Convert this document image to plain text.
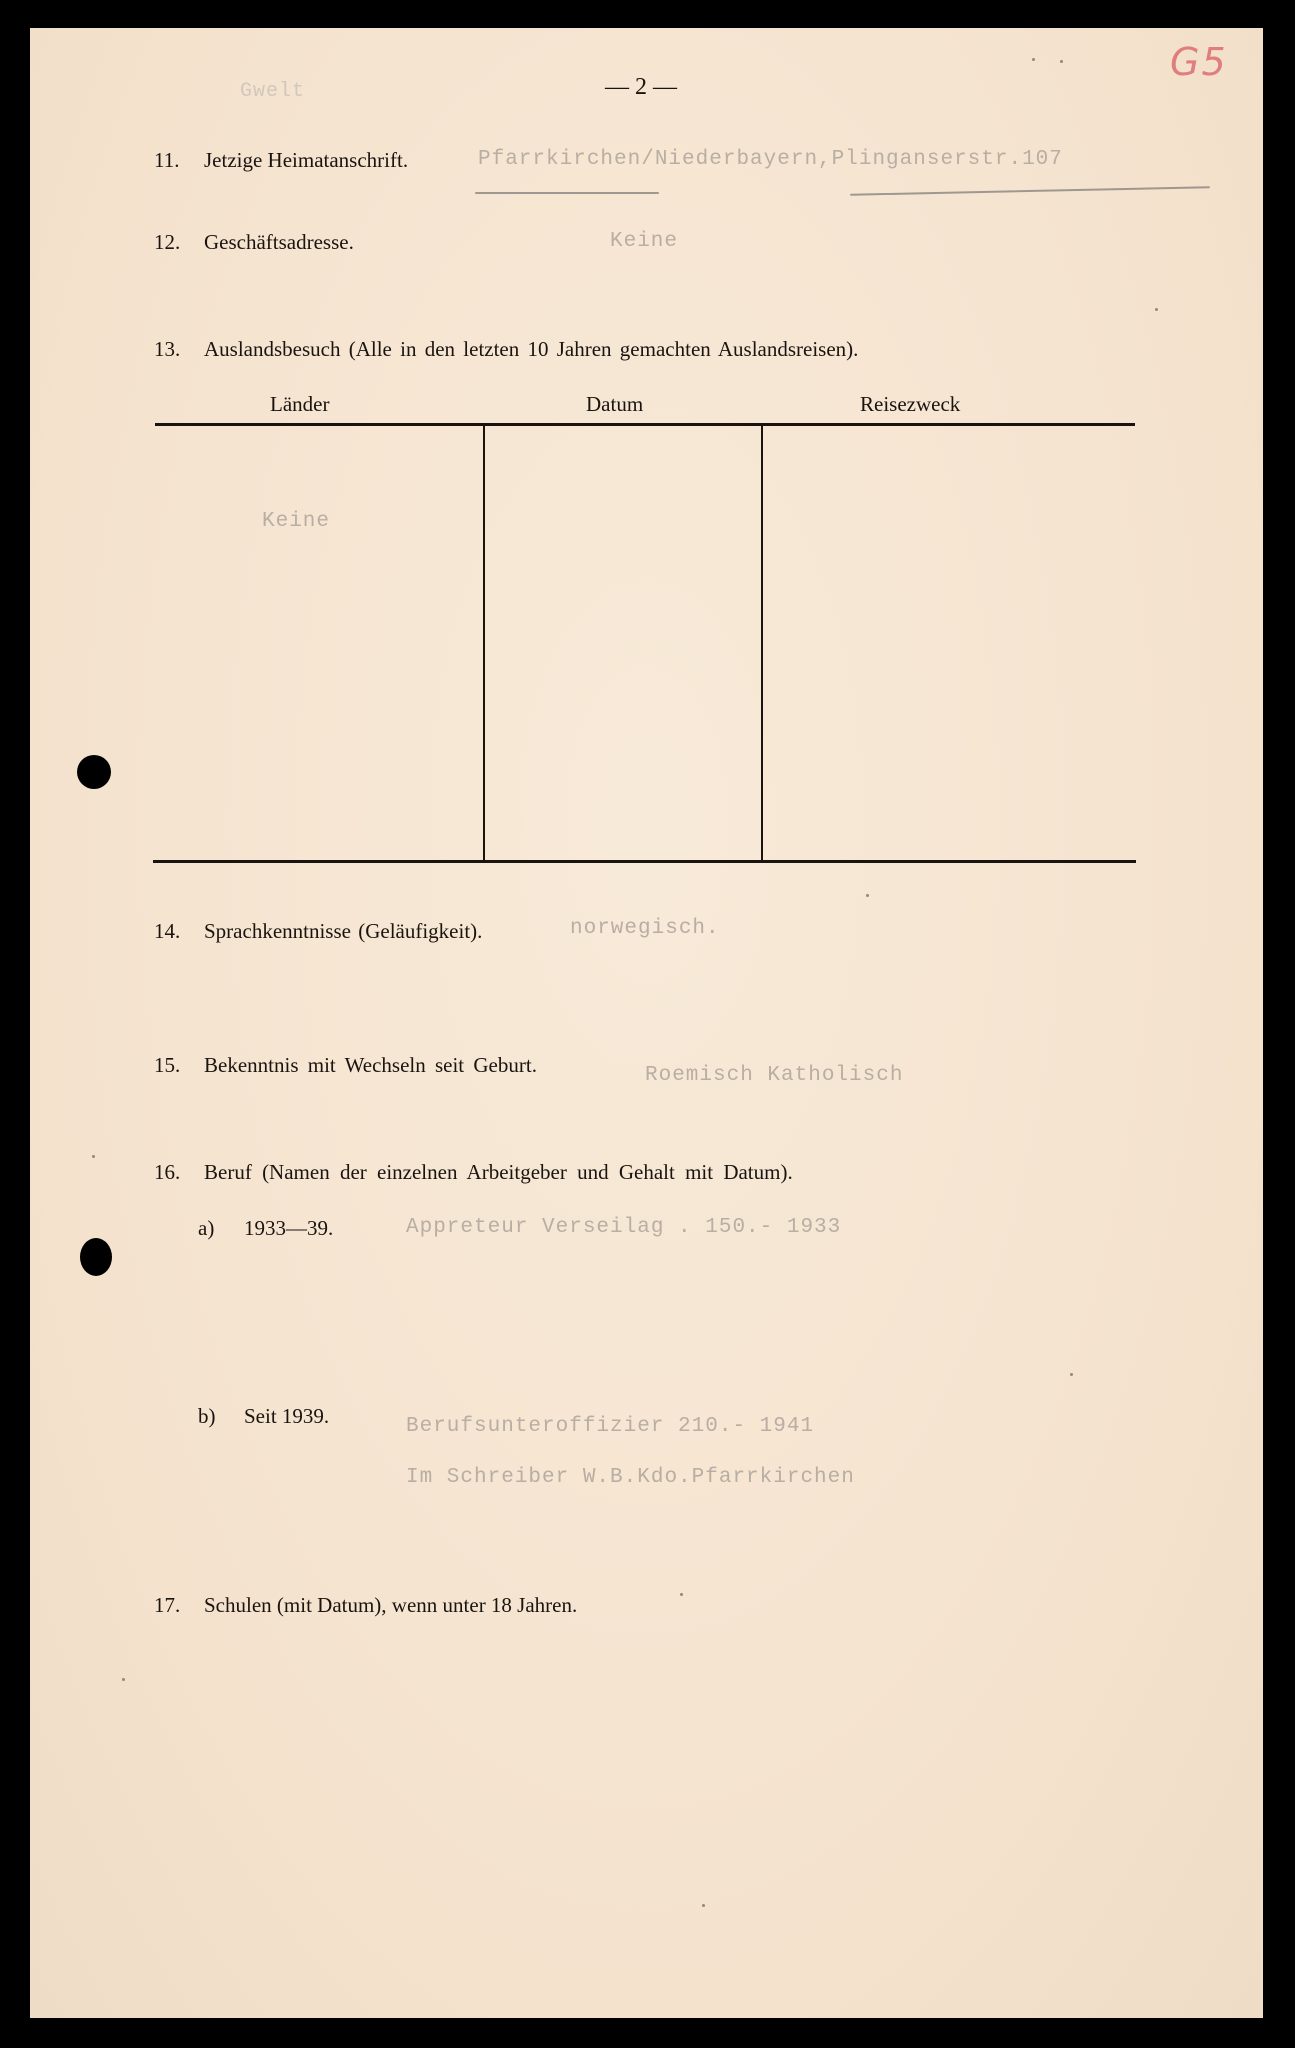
G5
Gwelt	— 2 —
11. Jetzige Heimatanschrift.	Pfarrkirchen/Niederbayern,Plinganserstr.107
12. Geschäftsadresse.	Keine
13. Auslandsbesuch (Alle in den letzten 10 Jahren gemachten Auslandsreisen).
Länder	Datum	Reisezweck
Keine
14. Sprachkenntnisse (Geläufigkeit).	norwegisch.
15. Bekenntnis mit Wechseln seit Geburt.	Roemisch Katholisch
16. Beruf (Namen der einzelnen Arbeitgeber und Gehalt mit Datum).
a) 1933—39.	Appreteur Verseilag . 150.- 1933
b) Seit 1939.	Berufsunteroffizier 210.- 1941
Im Schreiber W.B.Kdo.Pfarrkirchen
17. Schulen (mit Datum), wenn unter 18 Jahren.
